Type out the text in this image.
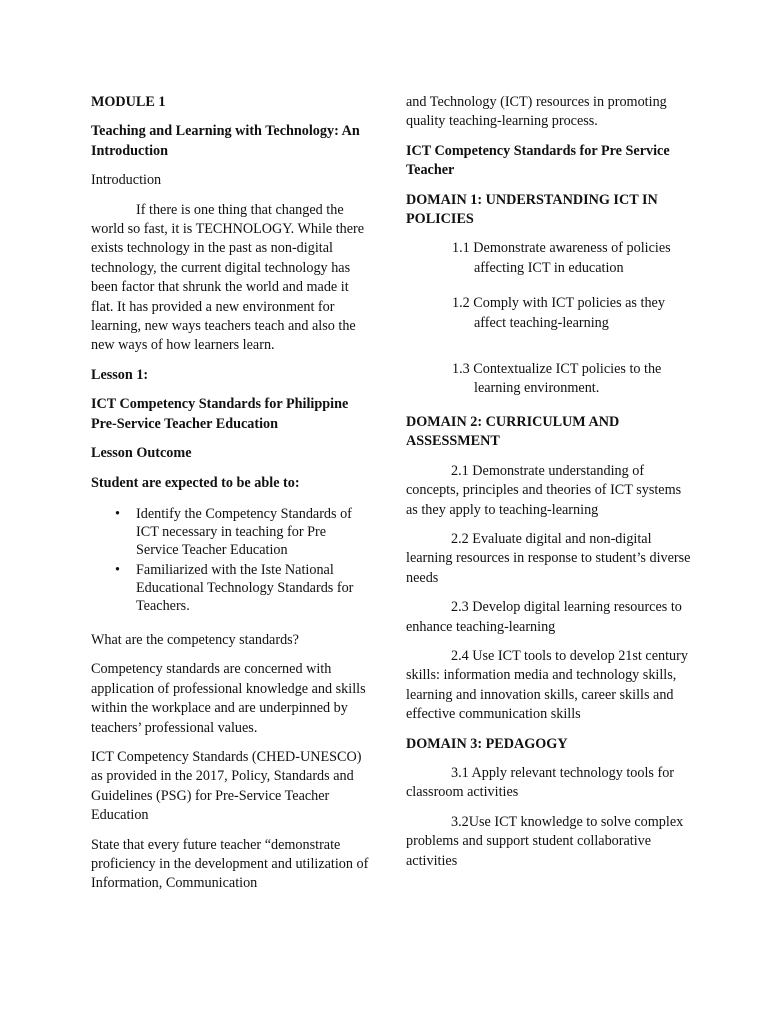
MODULE 1

Teaching and Learning with Technology: An Introduction

Introduction

If there is one thing that changed the world so fast, it is TECHNOLOGY. While there exists technology in the past as non-digital technology, the current digital technology has been factor that shrunk the world and made it flat. It has provided a new environment for learning, new ways teachers teach and also the new ways of how learners learn.

Lesson 1:

ICT Competency Standards for Philippine Pre-Service Teacher Education

Lesson Outcome

Student are expected to be able to:

• Identify the Competency Standards of ICT necessary in teaching for Pre Service Teacher Education
• Familiarized with the Iste National Educational Technology Standards for Teachers.

What are the competency standards?

Competency standards are concerned with application of professional knowledge and skills within the workplace and are underpinned by teachers’ professional values.

ICT Competency Standards (CHED-UNESCO) as provided in the 2017, Policy, Standards and Guidelines (PSG) for Pre-Service Teacher Education

State that every future teacher “demonstrate proficiency in the development and utilization of Information, Communication

and Technology (ICT) resources in promoting quality teaching-learning process.

ICT Competency Standards for Pre Service Teacher

DOMAIN 1: UNDERSTANDING ICT IN POLICIES

1.1 Demonstrate awareness of policies affecting ICT in education

1.2 Comply with ICT policies as they affect teaching-learning

1.3 Contextualize ICT policies to the learning environment.

DOMAIN 2: CURRICULUM AND ASSESSMENT

2.1 Demonstrate understanding of concepts, principles and theories of ICT systems as they apply to teaching-learning

2.2 Evaluate digital and non-digital learning resources in response to student’s diverse needs

2.3 Develop digital learning resources to enhance teaching-learning

2.4 Use ICT tools to develop 21st century skills: information media and technology skills, learning and innovation skills, career skills and effective communication skills

DOMAIN 3: PEDAGOGY

3.1 Apply relevant technology tools for classroom activities

3.2Use ICT knowledge to solve complex problems and support student collaborative activities
